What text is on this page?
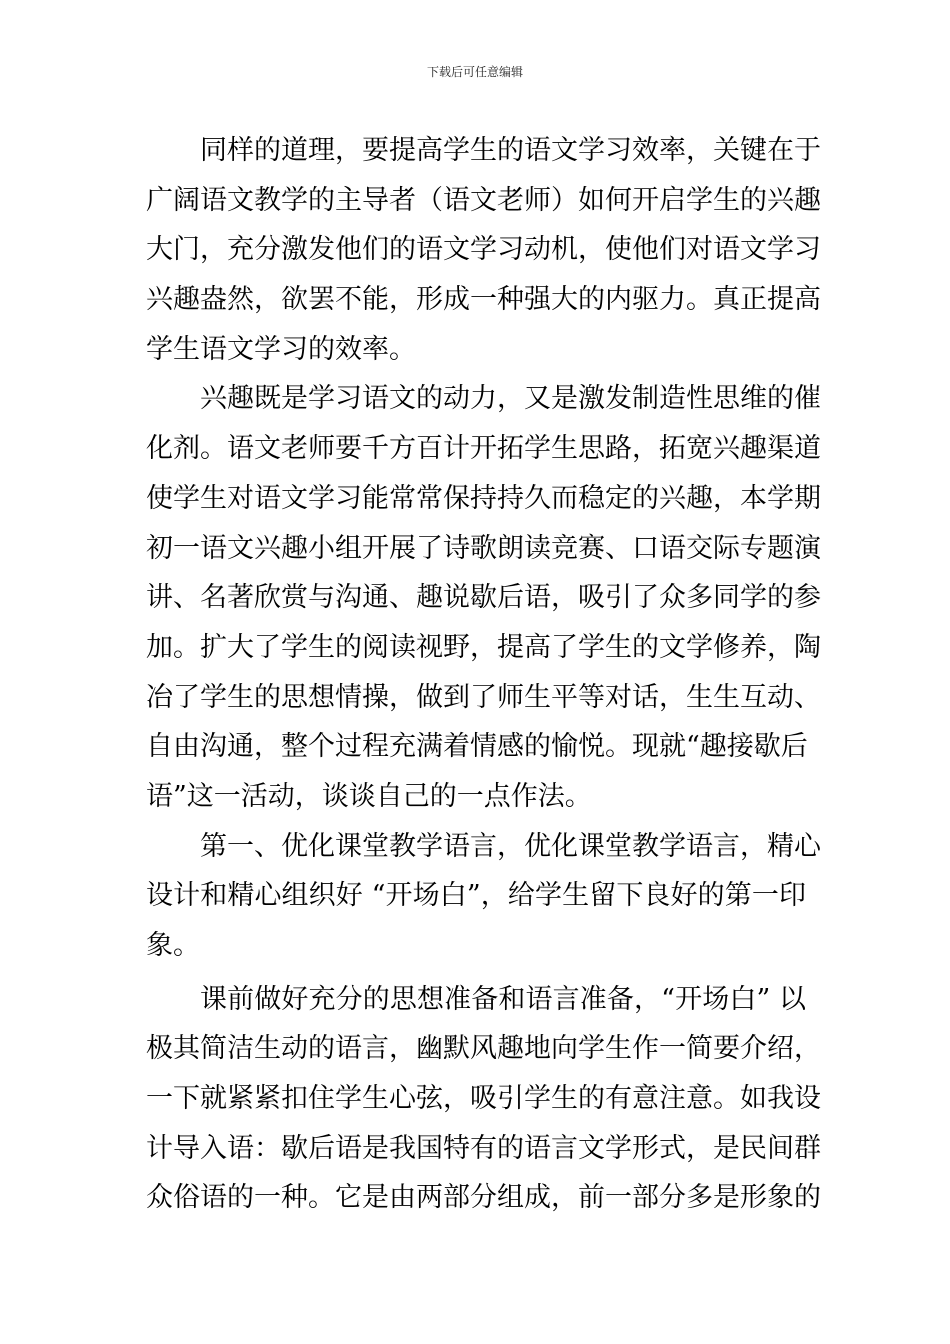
下载后可任意编辑
同样的道理，要提高学生的语文学习效率，关键在于
广阔语文教学的主导者（语文老师）如何开启学生的兴趣
大门，充分激发他们的语文学习动机，使他们对语文学习
兴趣盎然，欲罢不能，形成一种强大的内驱力。真正提高
学生语文学习的效率。
兴趣既是学习语文的动力，又是激发制造性思维的催
化剂。语文老师要千方百计开拓学生思路，拓宽兴趣渠道
使学生对语文学习能常常保持持久而稳定的兴趣，本学期
初一语文兴趣小组开展了诗歌朗读竞赛、口语交际专题演
讲、名著欣赏与沟通、趣说歇后语，吸引了众多同学的参
加。扩大了学生的阅读视野，提高了学生的文学修养，陶
冶了学生的思想情操，做到了师生平等对话，生生互动、
自由沟通，整个过程充满着情感的愉悦。现就“趣接歇后
语”这一活动，谈谈自己的一点作法。
第一、优化课堂教学语言，优化课堂教学语言，精心
设计和精心组织好 “开场白”，给学生留下良好的第一印
象。
课前做好充分的思想准备和语言准备，“开场白” 以
极其简洁生动的语言，幽默风趣地向学生作一简要介绍，
一下就紧紧扣住学生心弦，吸引学生的有意注意。如我设
计导入语：歇后语是我国特有的语言文学形式，是民间群
众俗语的一种。它是由两部分组成，前一部分多是形象的
